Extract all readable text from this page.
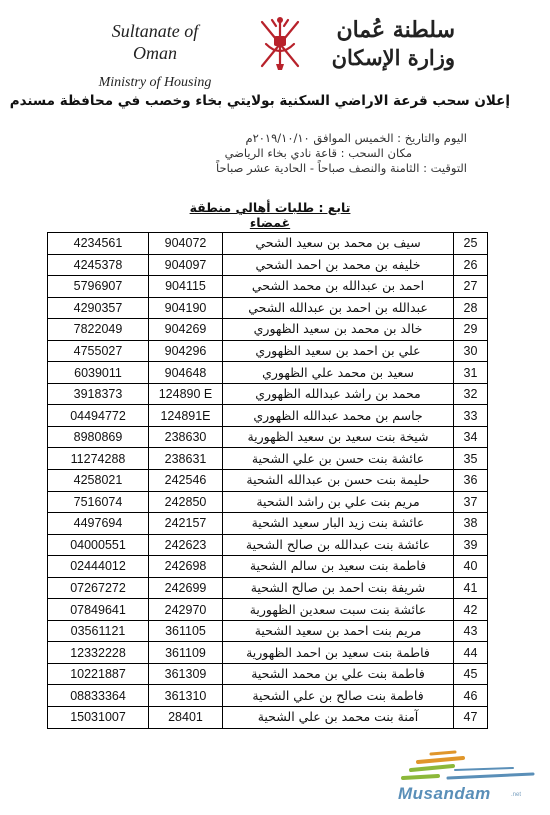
Sultanate of Oman
Ministry of Housing
سلطنة عُمان
وزارة الإسكان
إعلان سحب قرعة الاراضي السكنية بولايتي بخاء وخصب في محافظة مسندم
اليوم والتاريخ : الخميس الموافق ٢٠١٩/١٠/١٠م
مكان السحب : قاعة نادي بخاء الرياضي
التوقيت : الثامنة والنصف صباحاً - الحادية عشر صباحاً
تابع : طلبات أهالي منطقة غمضاء
4234561	904072	سيف بن محمد بن سعيد الشحي	25
4245378	904097	خليفه بن محمد بن احمد الشحي	26
5796907	904115	احمد بن عبدالله بن محمد الشحي	27
4290357	904190	عبدالله بن احمد بن عبدالله الشحي	28
7822049	904269	خالد بن محمد بن سعيد الظهوري	29
4755027	904296	علي بن احمد بن سعيد الظهوري	30
6039011	904648	سعيد بن محمد علي الظهوري	31
3918373	124890 E	محمد بن راشد عبدالله الظهوري	32
04494772	124891E	جاسم بن محمد عبدالله الظهوري	33
8980869	238630	شيخة بنت سعيد بن سعيد الظهورية	34
11274288	238631	عائشة بنت حسن بن علي الشحية	35
4258021	242546	حليمة بنت حسن بن عبدالله الشحية	36
7516074	242850	مريم بنت علي بن راشد الشحية	37
4497694	242157	عائشة بنت زيد البار سعيد الشحية	38
04000551	242623	عائشة بنت عبدالله بن صالح الشحية	39
02444012	242698	فاطمة بنت سعيد بن سالم الشحية	40
07267272	242699	شريفة بنت احمد بن صالح الشحية	41
07849641	242970	عائشة بنت سبت سعدين الظهورية	42
03561121	361105	مريم بنت احمد بن سعيد الشحية	43
12332228	361109	فاطمة بنت سعيد بن احمد الظهورية	44
10221887	361309	فاطمة بنت علي بن محمد الشحية	45
08833364	361310	فاطمة بنت صالح بن علي الشحية	46
15031007	28401	آمنة بنت محمد بن علي الشحية	47
Musandam	.net
